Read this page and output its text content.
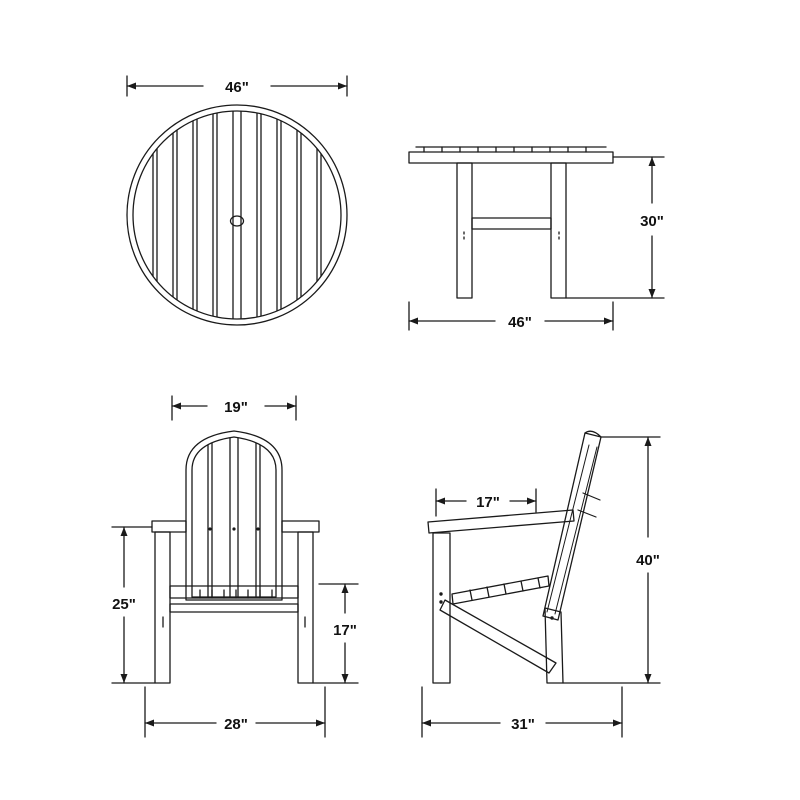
46"
30"
46"
19"
25"
17"
28"
17"
40"
31"
